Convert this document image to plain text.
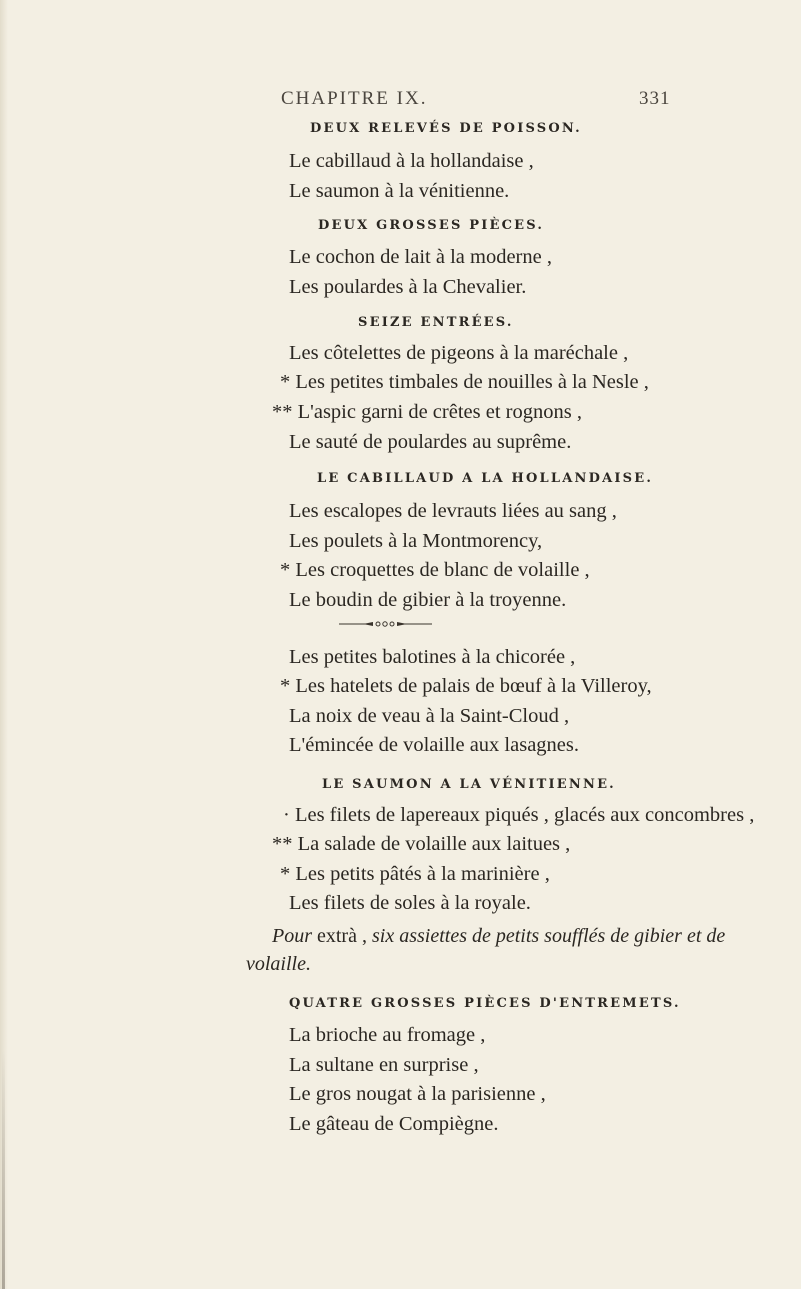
CHAPITRE IX.	331
DEUX RELEVÉS DE POISSON.
Le cabillaud à la hollandaise ,
Le saumon à la vénitienne.
DEUX GROSSES PIÈCES.
Le cochon de lait à la moderne ,
Les poulardes à la Chevalier.
SEIZE ENTRÉES.
Les côtelettes de pigeons à la maréchale ,
* Les petites timbales de nouilles à la Nesle ,
** L'aspic garni de crêtes et rognons ,
Le sauté de poulardes au suprême.
LE CABILLAUD A LA HOLLANDAISE.
Les escalopes de levrauts liées au sang ,
Les poulets à la Montmorency,
* Les croquettes de blanc de volaille ,
Le boudin de gibier à la troyenne.
Les petites balotines à la chicorée ,
* Les hatelets de palais de bœuf à la Villeroy,
La noix de veau à la Saint-Cloud ,
L'émincée de volaille aux lasagnes.
LE SAUMON A LA VÉNITIENNE.
· Les filets de lapereaux piqués , glacés aux concombres ,
** La salade de volaille aux laitues ,
* Les petits pâtés à la marinière ,
Les filets de soles à la royale.
Pour extrà , six assiettes de petits soufflés de gibier et de
volaille.
QUATRE GROSSES PIÈCES D'ENTREMETS.
La brioche au fromage ,
La sultane en surprise ,
Le gros nougat à la parisienne ,
Le gâteau de Compiègne.
